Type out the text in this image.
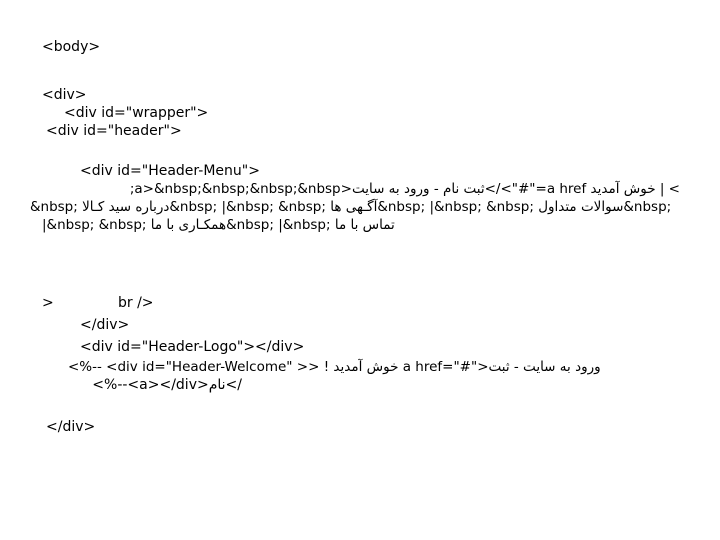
<body>
<div>
<div id="wrapper">
<div id="header">
<div id="Header-Menu">
> | خوش آمدید a href="#">/>ثبت نام - ورود به سایت<a>&nbsp;&nbsp;&nbsp;&nbsp;
&nbsp; درباره سید کـالا&nbsp; |&nbsp; &nbsp; آگـهی ها&nbsp; |&nbsp; &nbsp; سوالات متداول&nbsp;
|&nbsp; &nbsp; همکـاری با ما&nbsp; |&nbsp; تماس با ما
>	br />
</div>
<div id="Header-Logo"></div>
<%-- <div id="Header-Welcome" >> ! خوش آمدید a href="#">ورود به سایت - ثبت
/>نام<a></div>--%>
</div>
